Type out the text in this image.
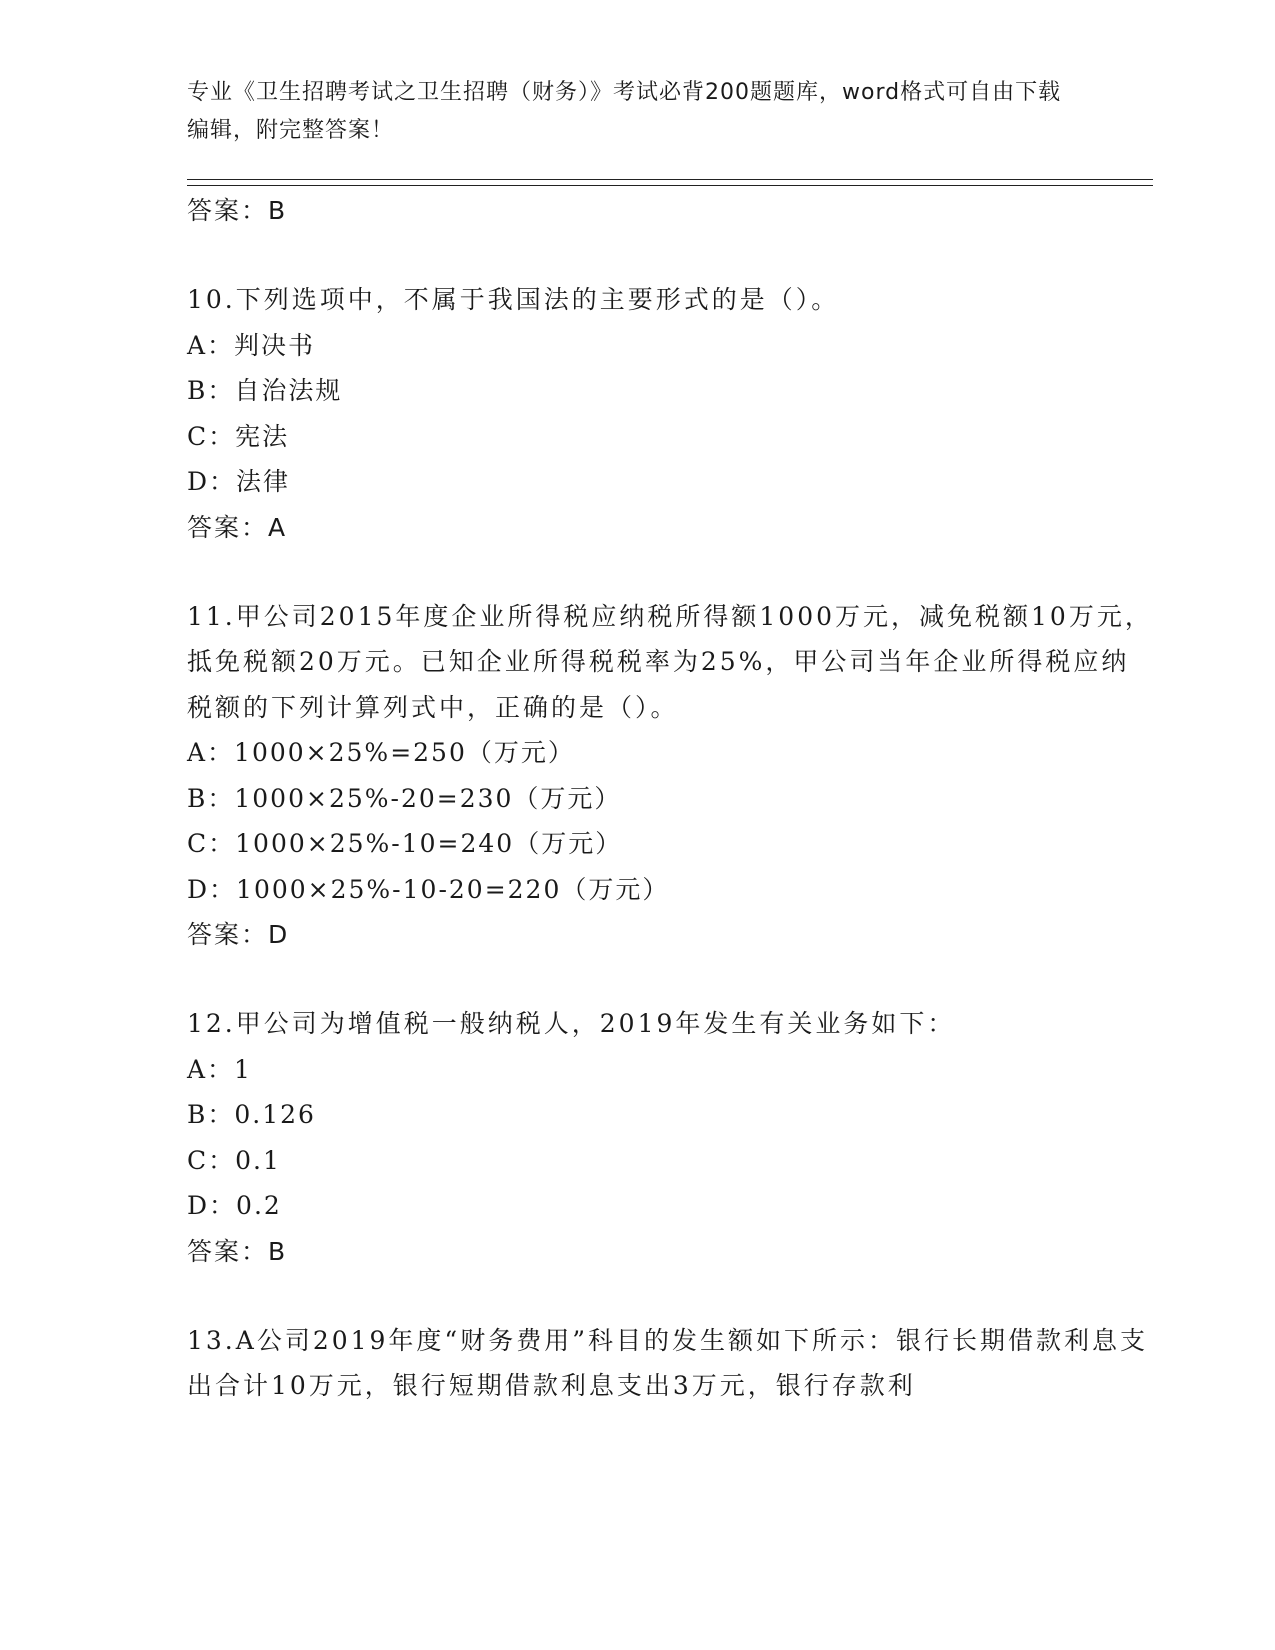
专业《卫生招聘考试之卫生招聘（财务）》考试必背200题题库，word格式可自由下载编辑，附完整答案！
答案：B
10.下列选项中，不属于我国法的主要形式的是（）。
A：判决书
B：自治法规
C：宪法
D：法律
答案：A
11.甲公司2015年度企业所得税应纳税所得额1000万元，减免税额10万元，抵免税额20万元。已知企业所得税税率为25%，甲公司当年企业所得税应纳税额的下列计算列式中，正确的是（）。
A：1000×25%=250（万元）
B：1000×25%-20=230（万元）
C：1000×25%-10=240（万元）
D：1000×25%-10-20=220（万元）
答案：D
12.甲公司为增值税一般纳税人，2019年发生有关业务如下：
A：1
B：0.126
C：0.1
D：0.2
答案：B
13.A公司2019年度“财务费用”科目的发生额如下所示：银行长期借款利息支出合计10万元，银行短期借款利息支出3万元，银行存款利
